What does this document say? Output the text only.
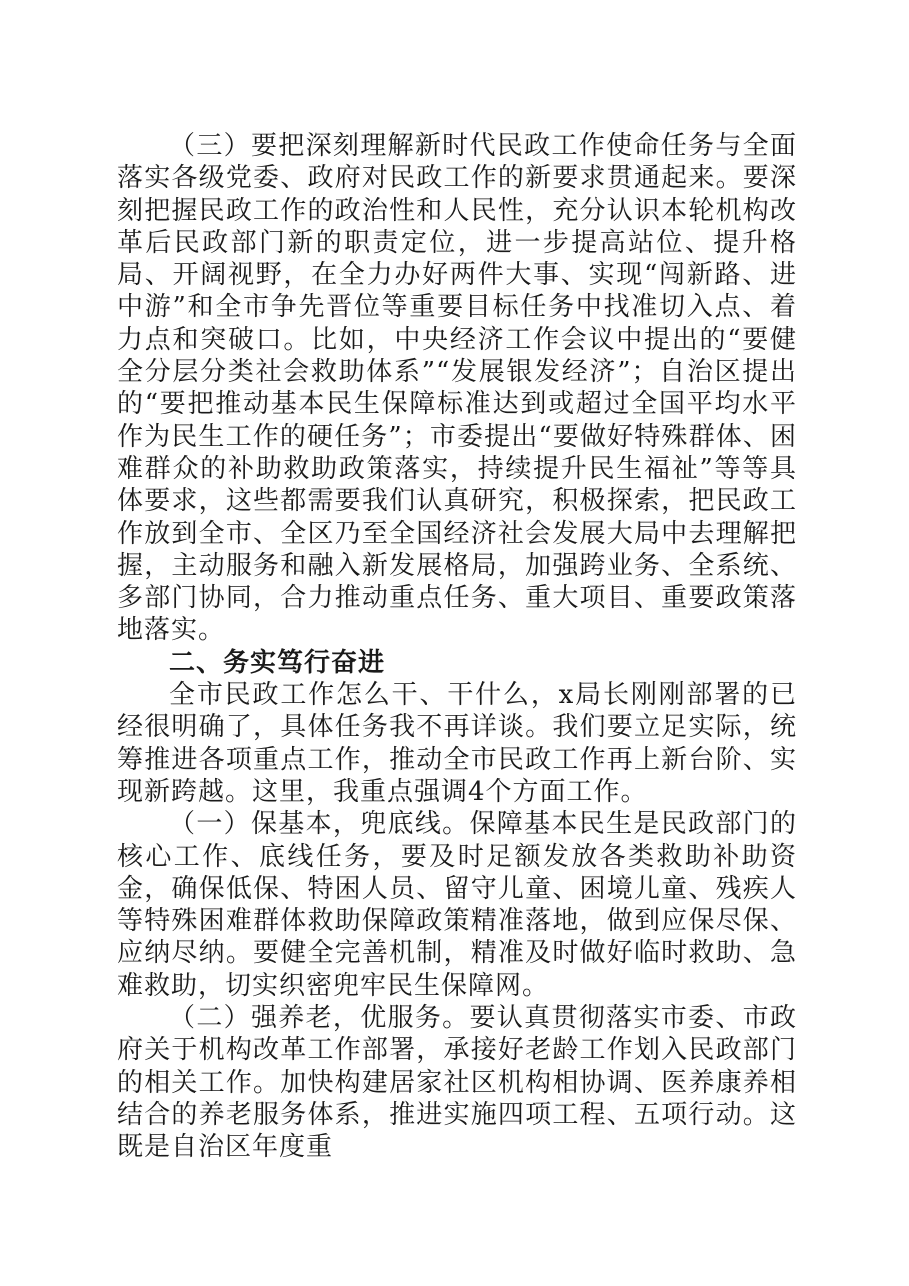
（三）要把深刻理解新时代民政工作使命任务与全面落实各级党委、政府对民政工作的新要求贯通起来。要深刻把握民政工作的政治性和人民性，充分认识本轮机构改革后民政部门新的职责定位，进一步提高站位、提升格局、开阔视野，在全力办好两件大事、实现“闯新路、进中游”和全市争先晋位等重要目标任务中找准切入点、着力点和突破口。比如，中央经济工作会议中提出的“要健全分层分类社会救助体系”“发展银发经济”；自治区提出的“要把推动基本民生保障标准达到或超过全国平均水平作为民生工作的硬任务”；市委提出“要做好特殊群体、困难群众的补助救助政策落实，持续提升民生福祉”等等具体要求，这些都需要我们认真研究，积极探索，把民政工作放到全市、全区乃至全国经济社会发展大局中去理解把握，主动服务和融入新发展格局，加强跨业务、全系统、多部门协同，合力推动重点任务、重大项目、重要政策落地落实。

二、务实笃行奋进

全市民政工作怎么干、干什么，x局长刚刚部署的已经很明确了，具体任务我不再详谈。我们要立足实际，统筹推进各项重点工作，推动全市民政工作再上新台阶、实现新跨越。这里，我重点强调4个方面工作。

（一）保基本，兜底线。保障基本民生是民政部门的核心工作、底线任务，要及时足额发放各类救助补助资金，确保低保、特困人员、留守儿童、困境儿童、残疾人等特殊困难群体救助保障政策精准落地，做到应保尽保、应纳尽纳。要健全完善机制，精准及时做好临时救助、急难救助，切实织密兜牢民生保障网。

（二）强养老，优服务。要认真贯彻落实市委、市政府关于机构改革工作部署，承接好老龄工作划入民政部门的相关工作。加快构建居家社区机构相协调、医养康养相结合的养老服务体系，推进实施四项工程、五项行动。这既是自治区年度重
